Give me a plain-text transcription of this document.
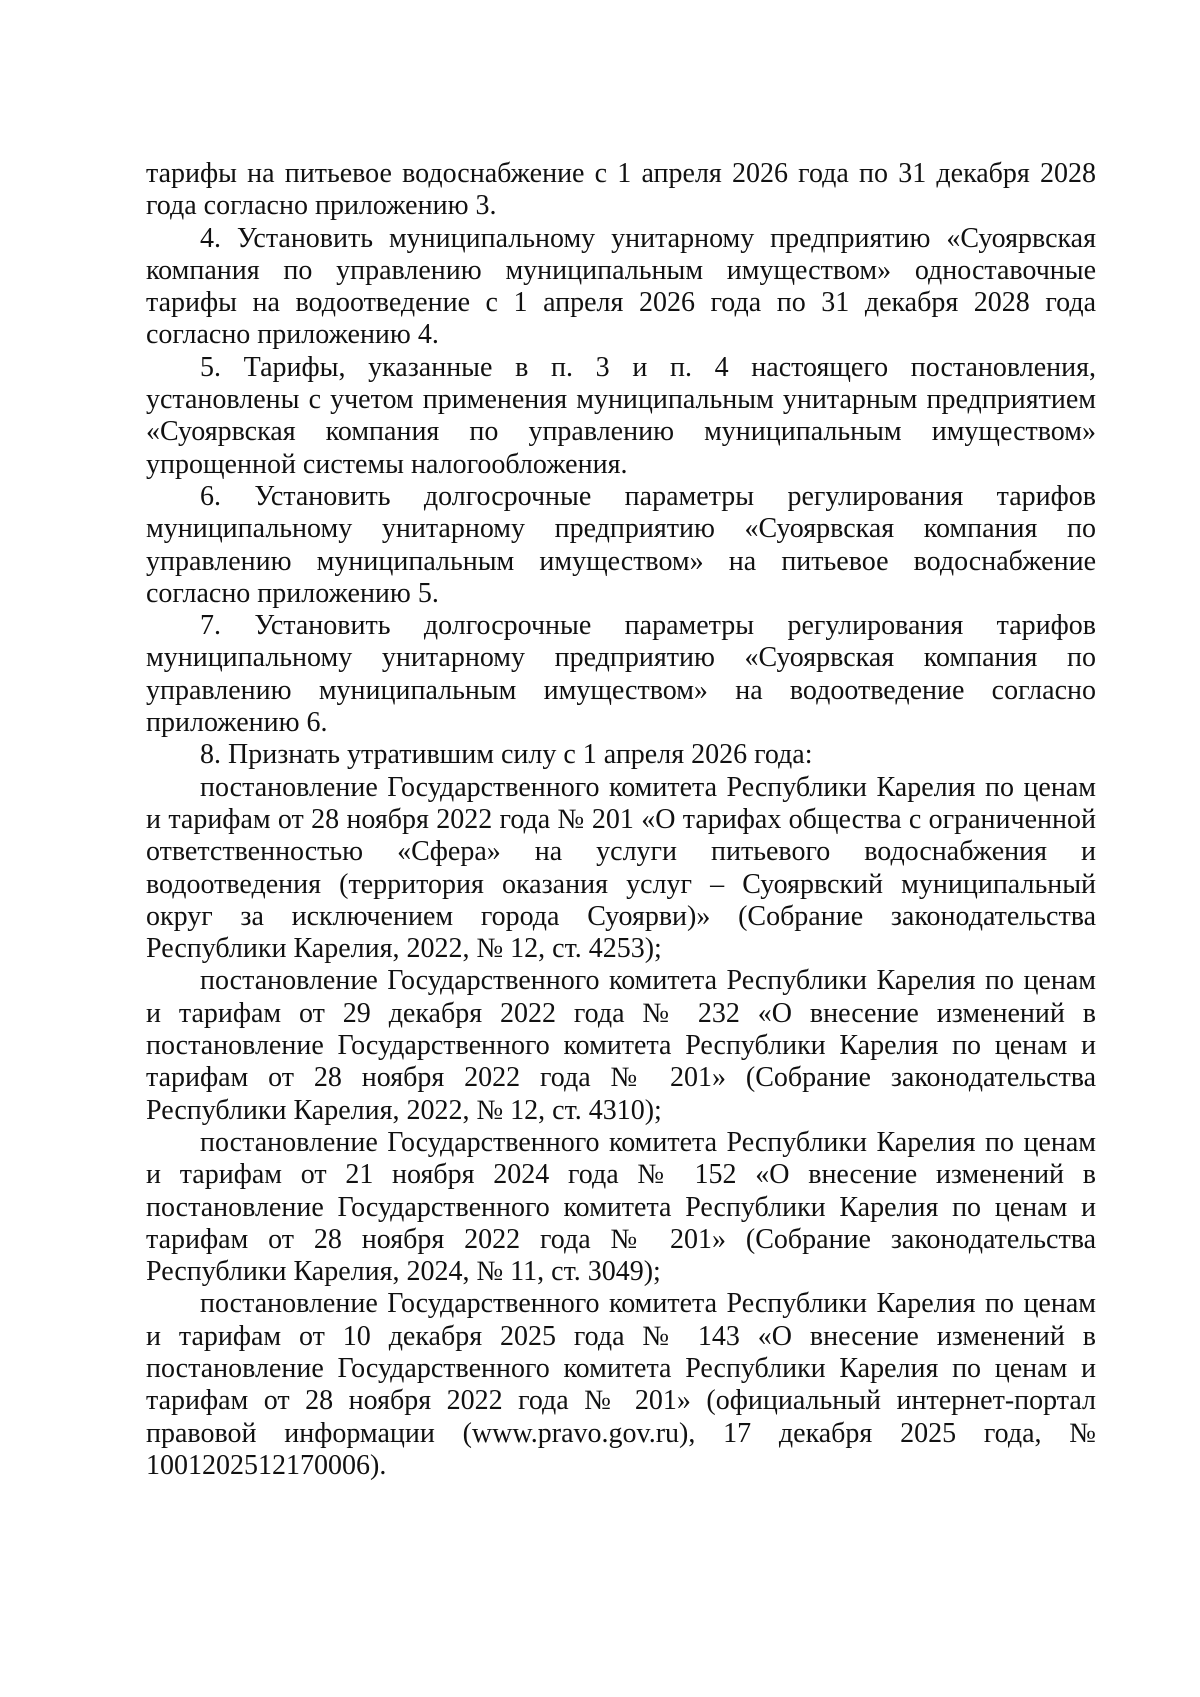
тарифы на питьевое водоснабжение с 1 апреля 2026 года по 31 декабря 2028 года согласно приложению 3.

4. Установить муниципальному унитарному предприятию «Суоярвская компания по управлению муниципальным имуществом» одноставочные тарифы на водоотведение с 1 апреля 2026 года по 31 декабря 2028 года согласно приложению 4.

5. Тарифы, указанные в п. 3 и п. 4 настоящего постановления, установлены с учетом применения муниципальным унитарным предприятием «Суоярвская компания по управлению муниципальным имуществом» упрощенной системы налогообложения.

6. Установить долгосрочные параметры регулирования тарифов муниципальному унитарному предприятию «Суоярвская компания по управлению муниципальным имуществом» на питьевое водоснабжение согласно приложению 5.

7. Установить долгосрочные параметры регулирования тарифов муниципальному унитарному предприятию «Суоярвская компания по управлению муниципальным имуществом» на водоотведение согласно приложению 6.

8. Признать утратившим силу с 1 апреля 2026 года:

постановление Государственного комитета Республики Карелия по ценам и тарифам от 28 ноября 2022 года № 201 «О тарифах общества с ограниченной ответственностью «Сфера» на услуги питьевого водоснабжения и водоотведения (территория оказания услуг – Суоярвский муниципальный округ за исключением города Суоярви)» (Собрание законодательства Республики Карелия, 2022, № 12, ст. 4253);

постановление Государственного комитета Республики Карелия по ценам и тарифам от 29 декабря 2022 года № 232 «О внесение изменений в постановление Государственного комитета Республики Карелия по ценам и тарифам от 28 ноября 2022 года № 201» (Собрание законодательства Республики Карелия, 2022, № 12, ст. 4310);

постановление Государственного комитета Республики Карелия по ценам и тарифам от 21 ноября 2024 года № 152 «О внесение изменений в постановление Государственного комитета Республики Карелия по ценам и тарифам от 28 ноября 2022 года № 201» (Собрание законодательства Республики Карелия, 2024, № 11, ст. 3049);

постановление Государственного комитета Республики Карелия по ценам и тарифам от 10 декабря 2025 года № 143 «О внесение изменений в постановление Государственного комитета Республики Карелия по ценам и тарифам от 28 ноября 2022 года № 201» (официальный интернет-портал правовой информации (www.pravo.gov.ru), 17 декабря 2025 года, № 1001202512170006).
